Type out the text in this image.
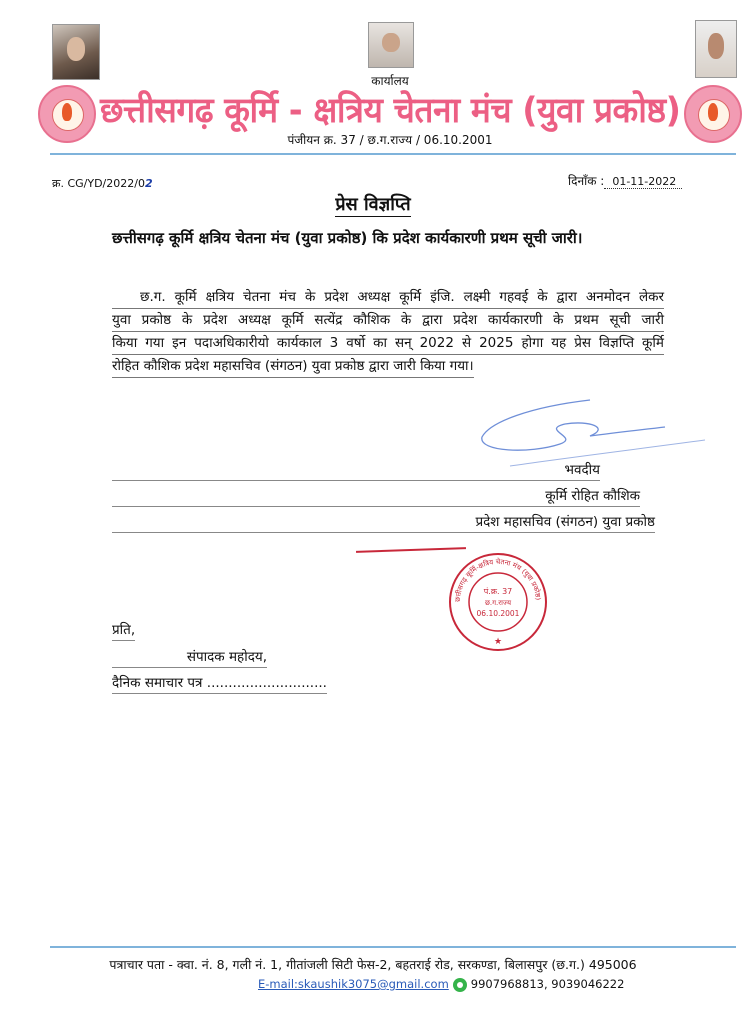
कार्यालय
छत्तीसगढ़ कूर्मि - क्षत्रिय चेतना मंच (युवा प्रकोष्ठ)
पंजीयन क्र. 37 / छ.ग.राज्य / 06.10.2001
क्र. CG/YD/2022/02	दिनाँक : 01-11-2022
प्रेस विज्ञप्ति
छत्तीसगढ़ कूर्मि क्षत्रिय चेतना मंच (युवा प्रकोष्ठ) कि प्रदेश कार्यकारणी प्रथम सूची जारी।
छ.ग. कूर्मि क्षत्रिय चेतना मंच के प्रदेश अध्यक्ष कूर्मि इंजि. लक्ष्मी गहवई के द्वारा अनमोदन लेकर
युवा प्रकोष्ठ के प्रदेश अध्यक्ष कूर्मि सत्येंद्र कौशिक के द्वारा प्रदेश कार्यकारणी के प्रथम सूची जारी
किया गया इन पदाअधिकारीयो कार्यकाल 3 वर्षो का सन् 2022 से 2025 होगा यह प्रेस विज्ञप्ति कूर्मि
रोहित कौशिक प्रदेश महासचिव (संगठन) युवा प्रकोष्ठ द्वारा जारी किया गया।
भवदीय
कूर्मि रोहित कौशिक
प्रदेश महासचिव (संगठन) युवा प्रकोष्ठ
छत्तीसगढ़ कूर्मि-क्षत्रिय चेतना मंच (युवा प्रकोष्ठ)
पं.क्र. 37
छ.ग.राज्य
06.10.2001
★
प्रति,
संपादक महोदय,
दैनिक समाचार पत्र ............................
पत्राचार पता - क्वा. नं. 8, गली नं. 1, गीतांजली सिटी फेस-2, बहतराई रोड, सरकण्डा, बिलासपुर (छ.ग.) 495006
E-mail:skaushik3075@gmail.com 9907968813, 9039046222
